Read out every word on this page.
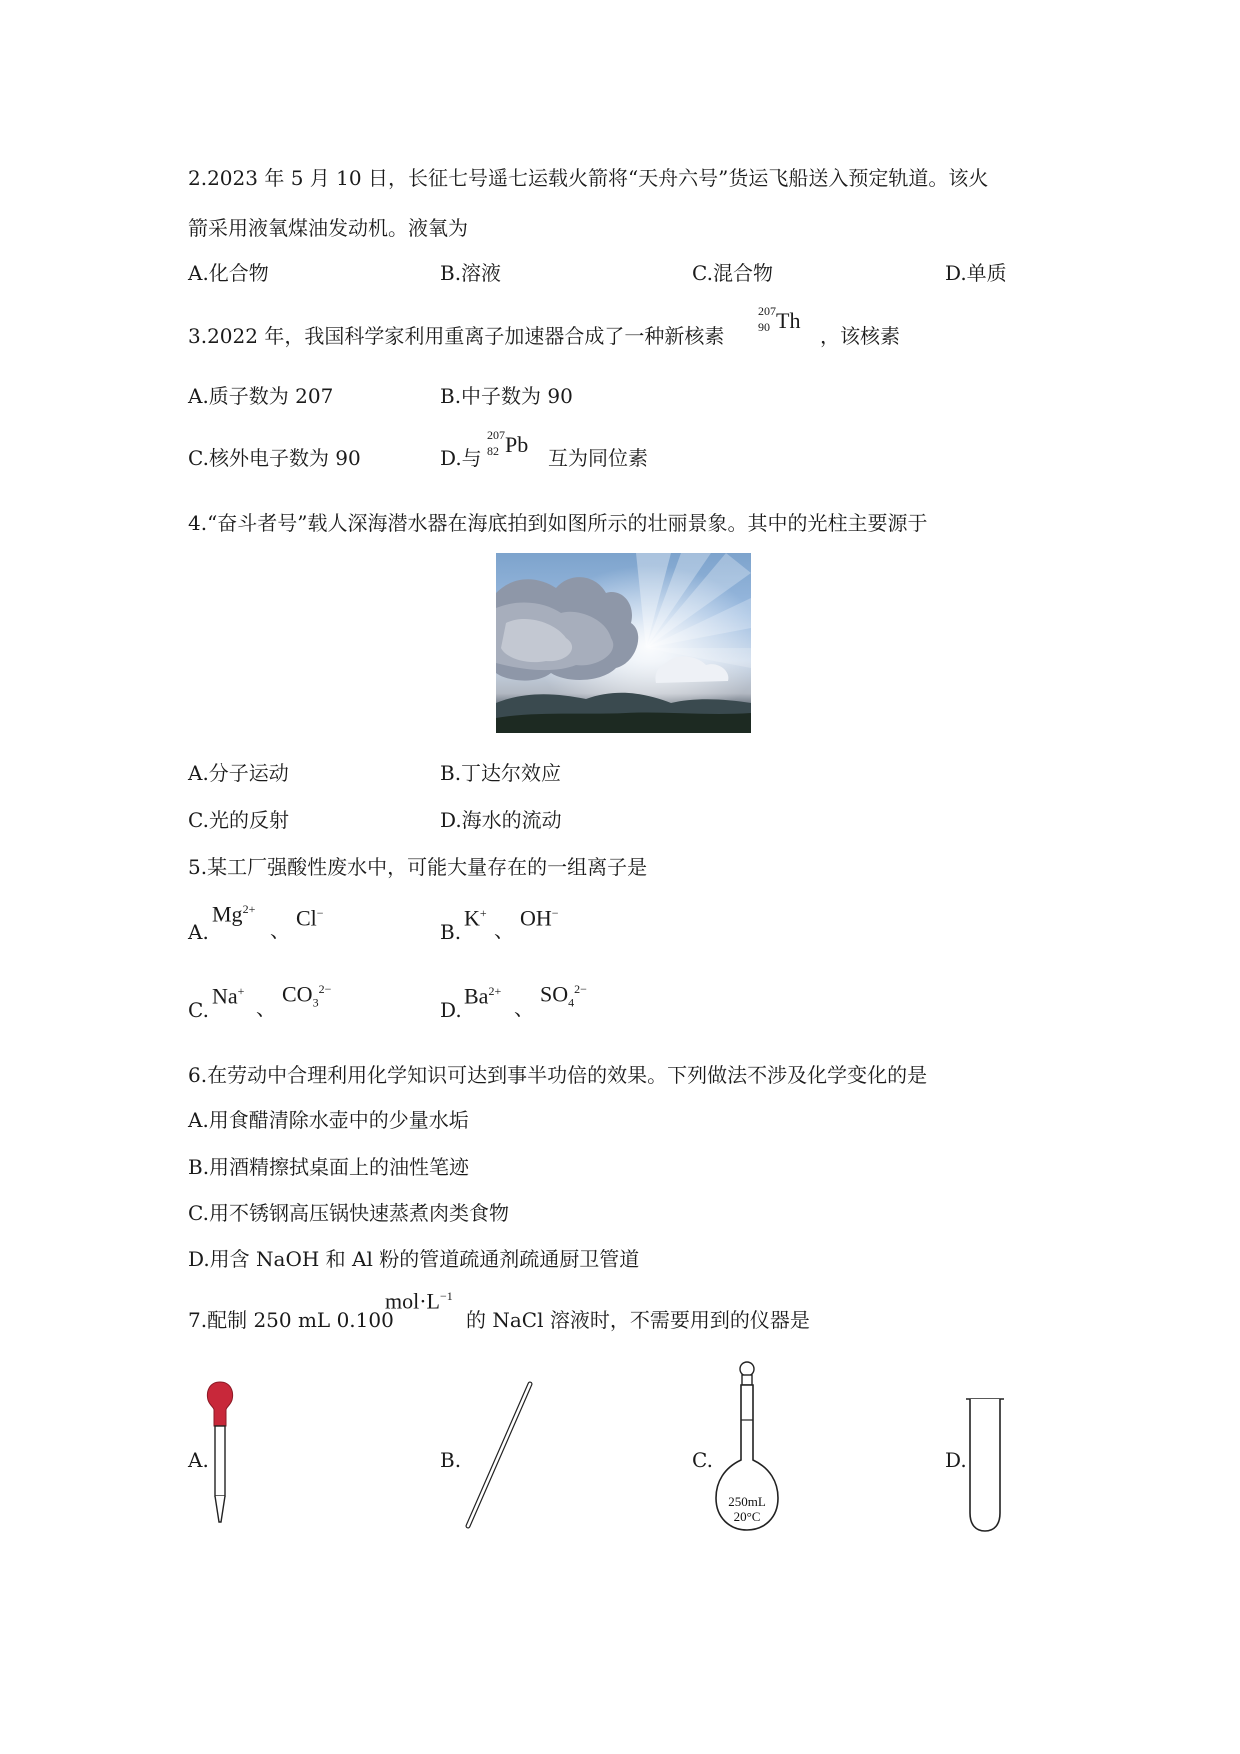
2.2023 年 5 月 10 日，长征七号遥七运载火箭将“天舟六号”货运飞船送入预定轨道。该火
箭采用液氧煤油发动机。液氧为
A.化合物	B.溶液	C.混合物	D.单质
3.2022 年，我国科学家利用重离子加速器合成了一种新核素
207
90 Th
，该核素
A.质子数为 207	B.中子数为 90
C.核外电子数为 90	D.与
207
82 Pb
互为同位素
4.“奋斗者号”载人深海潜水器在海底拍到如图所示的壮丽景象。其中的光柱主要源于
A.分子运动	B.丁达尔效应
C.光的反射	D.海水的流动
5.某工厂强酸性废水中，可能大量存在的一组离子是
A.
$Mg^{2+}$
、 Cl−
B.
K+
、 OH−
C.
Na+
、
$CO_3^{2-}$
D.
$Ba^{2+}$
、
$SO_4^{2-}$
6.在劳动中合理利用化学知识可达到事半功倍的效果。下列做法不涉及化学变化的是
A.用食醋清除水壶中的少量水垢
B.用酒精擦拭桌面上的油性笔迹
C.用不锈钢高压锅快速蒸煮肉类食物
D.用含 NaOH 和 Al 粉的管道疏通剂疏通厨卫管道
7.配制 250 mL 0.100
$mol\cdot L^{-1}$
的 NaCl 溶液时，不需要用到的仪器是
A.	B.	C.	D.
250mL
20°C
